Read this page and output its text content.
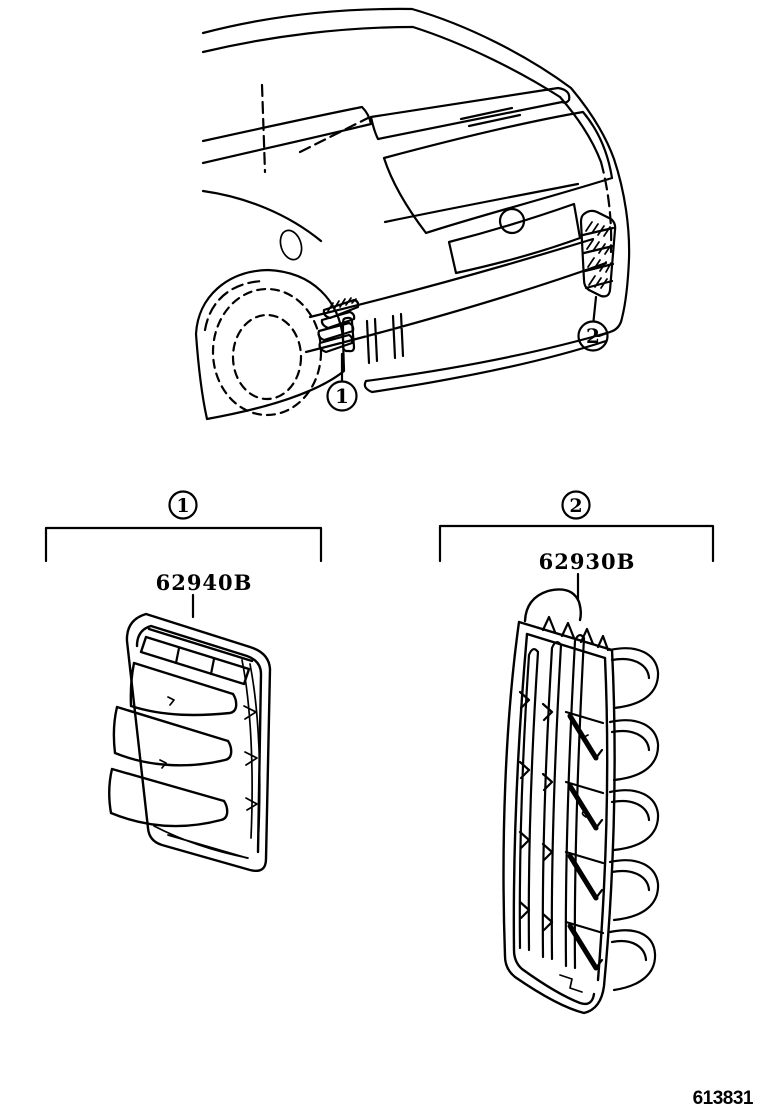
1
2
1
62940B
2
62930B
613831
